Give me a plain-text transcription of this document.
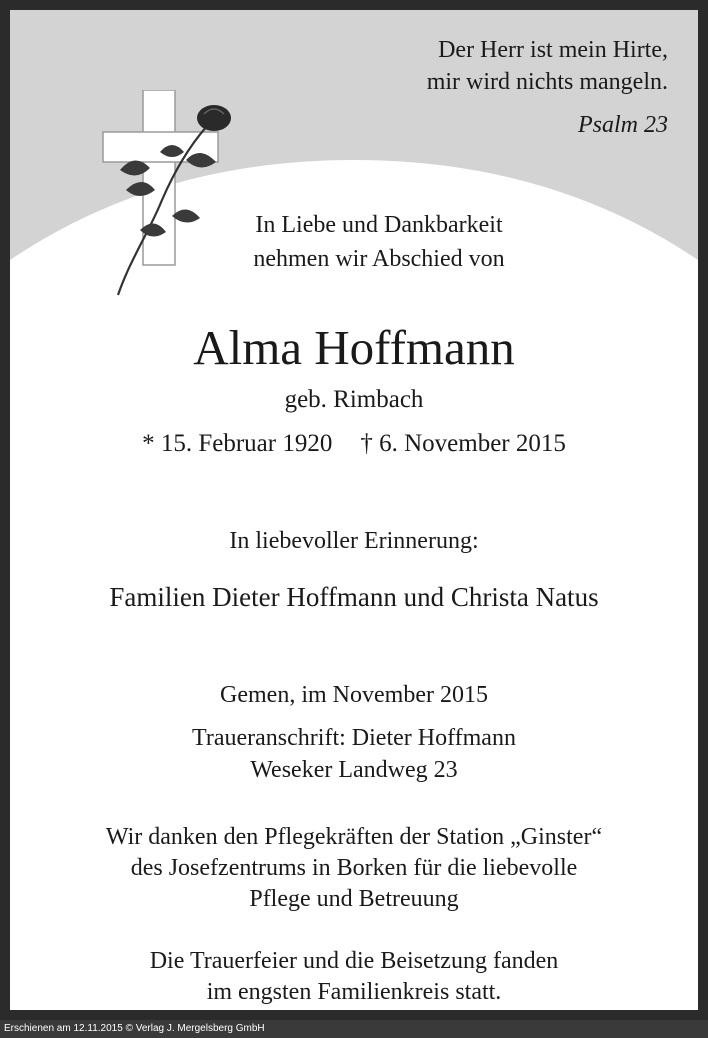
Der Herr ist mein Hirte,
mir wird nichts mangeln.
Psalm 23
In Liebe und Dankbarkeit
nehmen wir Abschied von
Alma Hoffmann
geb. Rimbach
* 15. Februar 1920 † 6. November 2015
In liebevoller Erinnerung:
Familien Dieter Hoffmann und Christa Natus
Gemen, im November 2015
Traueranschrift: Dieter Hoffmann
Weseker Landweg 23
Wir danken den Pflegekräften der Station „Ginster“
des Josefzentrums in Borken für die liebevolle
Pflege und Betreuung
Die Trauerfeier und die Beisetzung fanden
im engsten Familienkreis statt.
Erschienen am 12.11.2015 © Verlag J. Mergelsberg GmbH
